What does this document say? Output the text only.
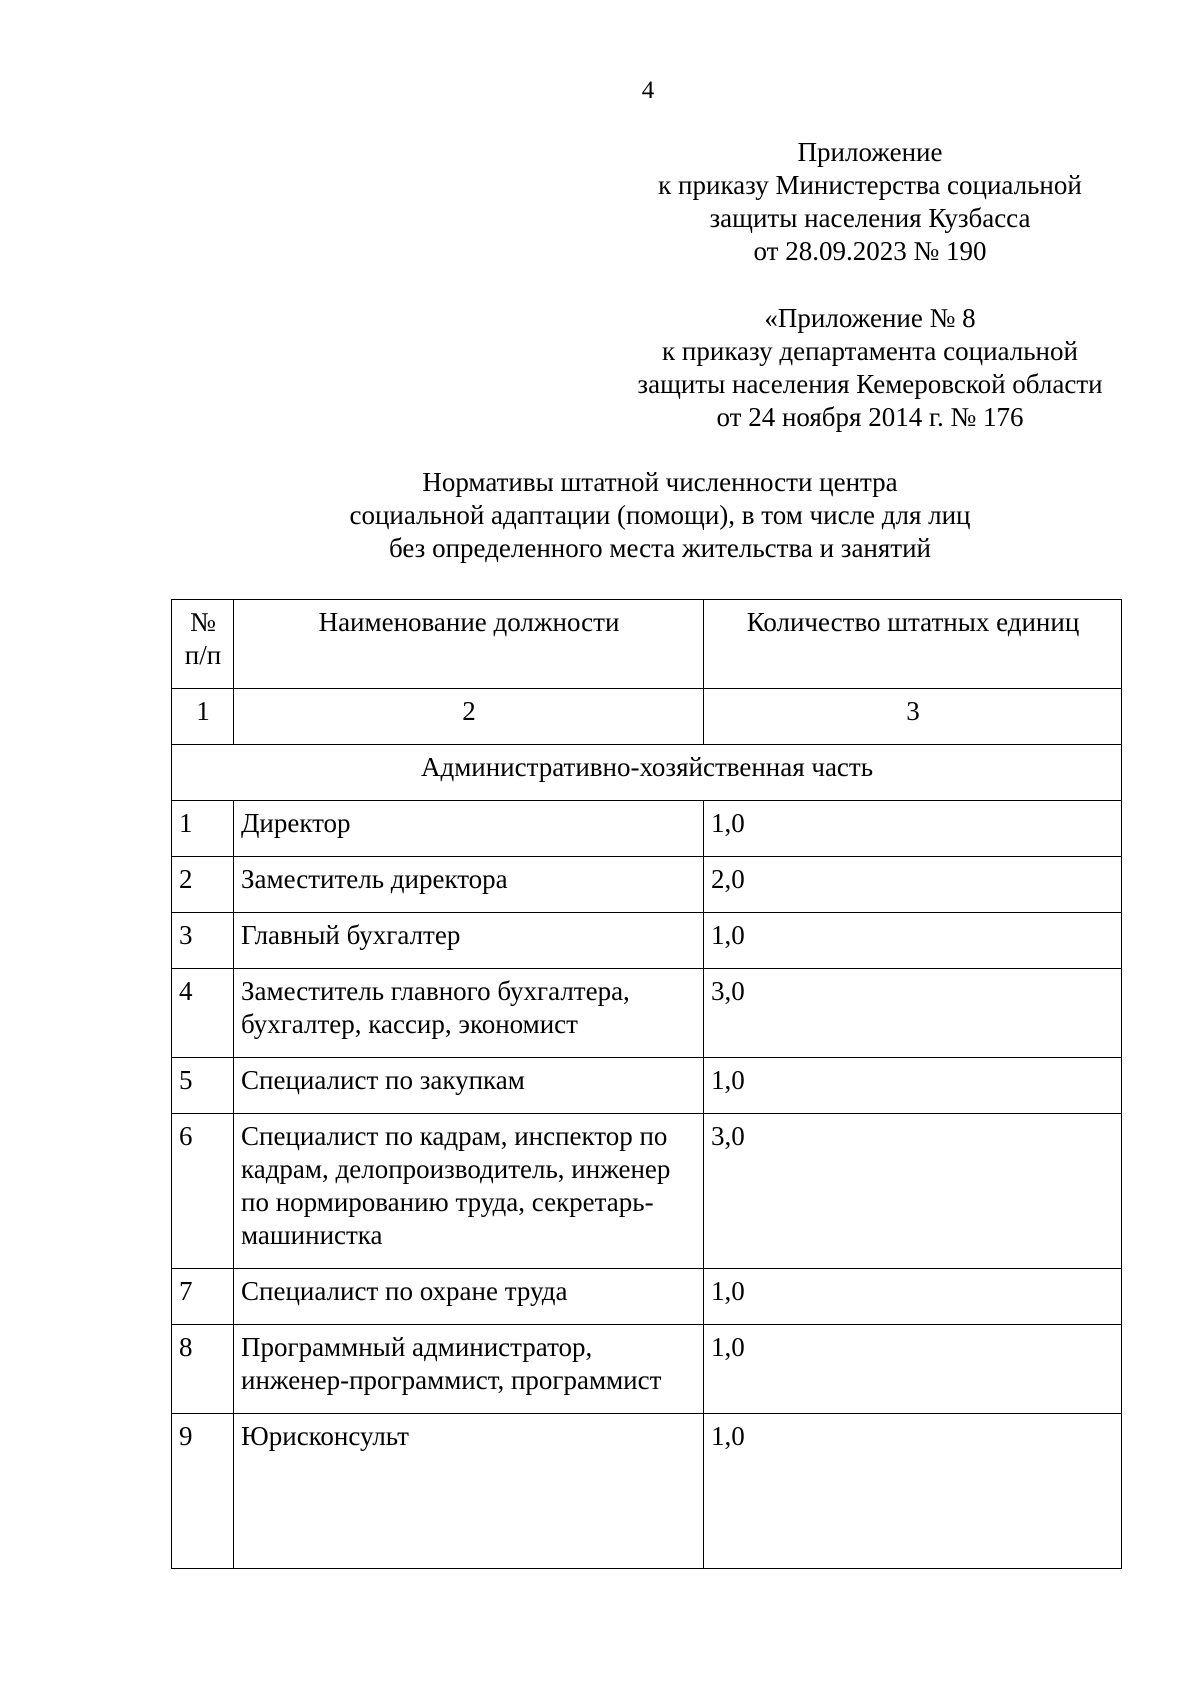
4
Приложение
к приказу Министерства социальной
защиты населения Кузбасса
от 28.09.2023 № 190
«Приложение № 8
к приказу департамента социальной
защиты населения Кемеровской области
от 24 ноября 2014 г. № 176
Нормативы штатной численности центра
социальной адаптации (помощи), в том числе для лиц
без определенного места жительства и занятий
№
п/п	Наименование должности	Количество штатных единиц
1	2	3
Административно-хозяйственная часть		
1	Директор	1,0
2	Заместитель директора	2,0
3	Главный бухгалтер	1,0
4	Заместитель главного бухгалтера, бухгалтер, кассир, экономист	3,0
5	Специалист по закупкам	1,0
6	Специалист по кадрам, инспектор по кадрам, делопроизводитель, инженер по нормированию труда, секретарь-машинистка	3,0
7	Специалист по охране труда	1,0
8	Программный администратор, инженер-программист, программист	1,0
9	Юрисконсульт	1,0
